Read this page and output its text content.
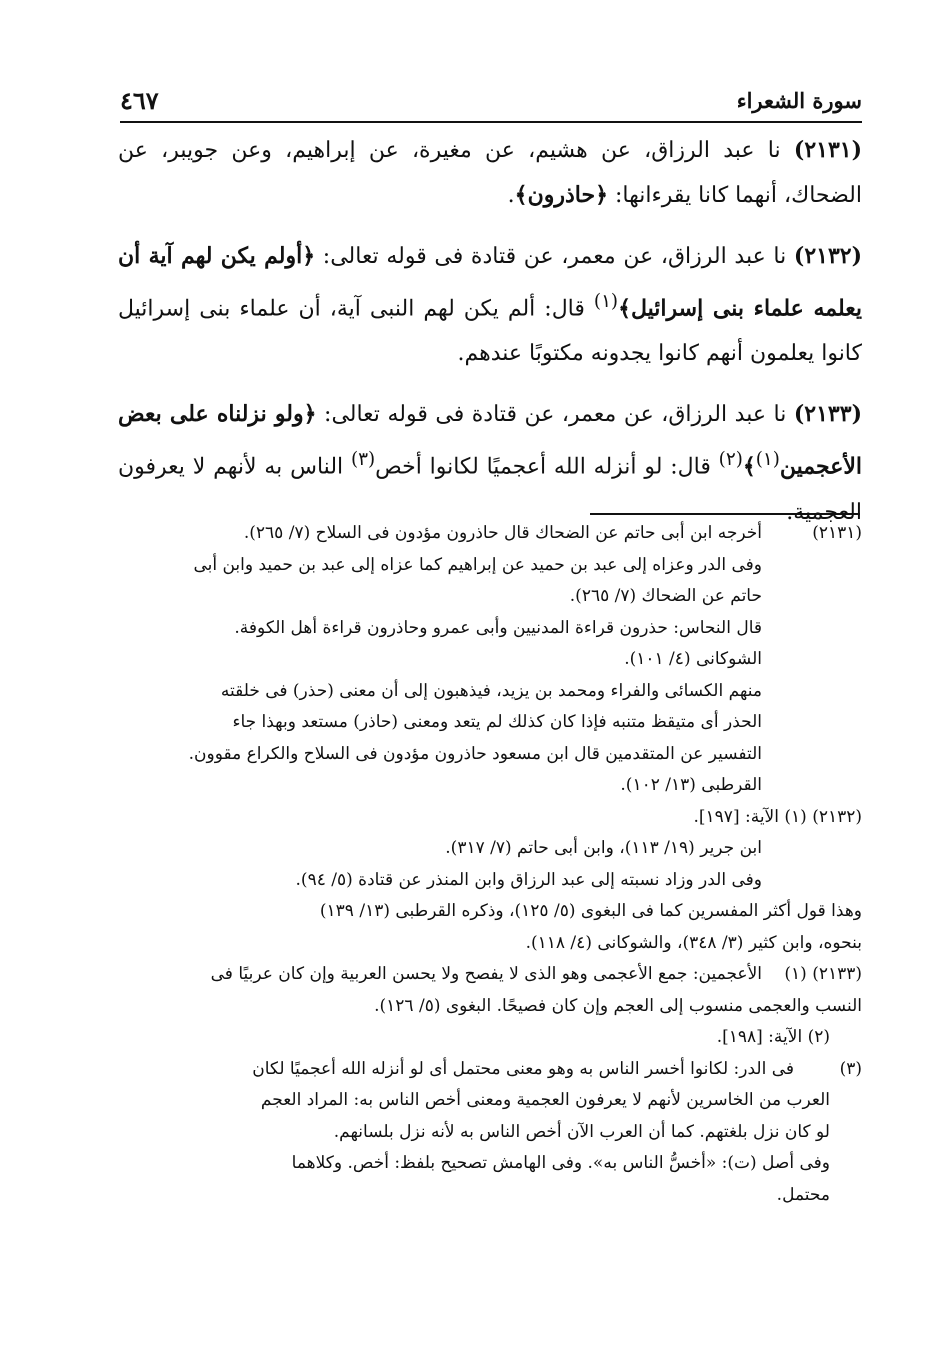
سورة الشعراء
٤٦٧

(٢١٣١) نا عبد الرزاق، عن هشيم، عن مغيرة، عن إبراهيم، وعن جويبر، عن الضحاك، أنهما كانا يقرءانها: ﴿حاذرون﴾.

(٢١٣٢) نا عبد الرزاق، عن معمر، عن قتادة فى قوله تعالى: ﴿أولم يكن لهم آية أن يعلمه علماء بنى إسرائيل﴾$^{(١)}$ قال: ألم يكن لهم النبى آية، أن علماء بنى إسرائيل كانوا يعلمون أنهم كانوا يجدونه مكتوبًا عندهم.

(٢١٣٣) نا عبد الرزاق، عن معمر، عن قتادة فى قوله تعالى: ﴿ولو نزلناه على بعض الأعجمين$^{(١)}$﴾$^{(٢)}$ قال: لو أنزله الله أعجميًا لكانوا أخص$^{(٣)}$ الناس به لأنهم لا يعرفون العجمية.

(٢١٣١)
أخرجه ابن أبى حاتم عن الضحاك قال حاذرون مؤدون فى السلاح (٧/ ٢٦٥).
وفى الدر وعزاه إلى عبد بن حميد عن إبراهيم كما عزاه إلى عبد بن حميد وابن أبى
حاتم عن الضحاك (٧/ ٢٦٥).
قال النحاس: حذرون قراءة المدنيين وأبى عمرو وحاذرون قراءة أهل الكوفة.
الشوكانى (٤/ ١٠١).
منهم الكسائى والفراء ومحمد بن يزيد، فيذهبون إلى أن معنى (حذر) فى خلقته
الحذر أى متيقظ متنبه فإذا كان كذلك لم يتعد ومعنى (حاذر) مستعد وبهذا جاء
التفسير عن المتقدمين قال ابن مسعود حاذرون مؤدون فى السلاح والكراع مقوون.
القرطبى (١٣/ ١٠٢).
(٢١٣٢) (١) الآية: [١٩٧].
ابن جرير (١٩/ ١١٣)، وابن أبى حاتم (٧/ ٣١٧).
وفى الدر وزاد نسبته إلى عبد الرزاق وابن المنذر عن قتادة (٥/ ٩٤).
وهذا قول أكثر المفسرين كما فى البغوى (٥/ ١٢٥)، وذكره القرطبى (١٣/ ١٣٩)
بنحوه، وابن كثير (٣/ ٣٤٨)، والشوكانى (٤/ ١١٨).
(٢١٣٣) (١)
الأعجمين: جمع الأعجمى وهو الذى لا يفصح ولا يحسن العربية وإن كان عربيًا فى
النسب والعجمى منسوب إلى العجم وإن كان فصيحًا. البغوى (٥/ ١٢٦).
(٢) الآية: [١٩٨].
(٣)
فى الدر: لكانوا أخسر الناس به وهو معنى محتمل أى لو أنزله الله أعجميًا لكان
العرب من الخاسرين لأنهم لا يعرفون العجمية ومعنى أخص الناس به: المراد العجم
لو كان نزل بلغتهم. كما أن العرب الآن أخص الناس به لأنه نزل بلسانهم.
وفى أصل (ت): «أخسُّ الناس به». وفى الهامش تصحيح بلفظ: أخص. وكلاهما
محتمل.
